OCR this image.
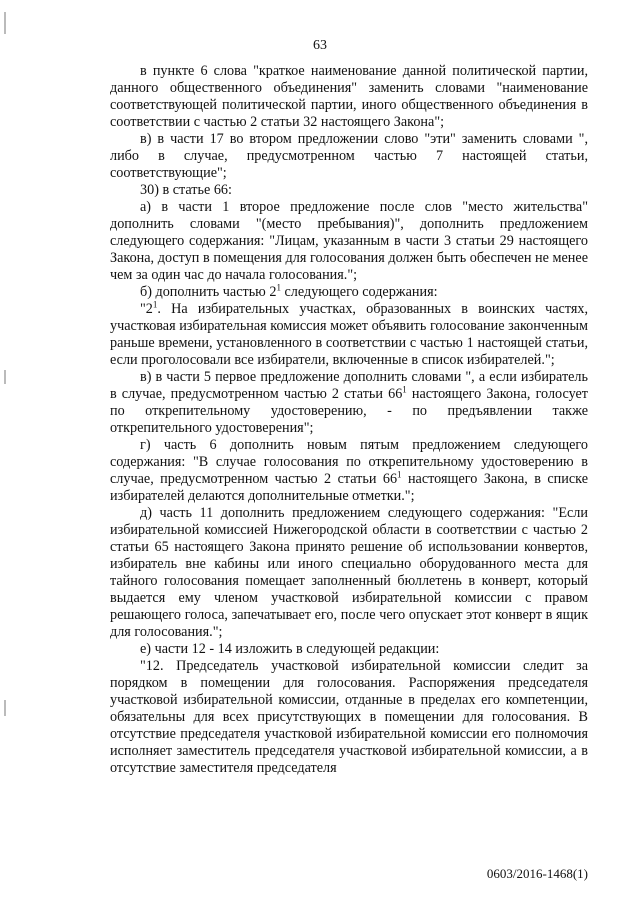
63

в пункте 6 слова "краткое наименование данной политической партии, данного общественного объединения" заменить словами "наименование соответствующей политической партии, иного общественного объединения в соответствии с частью 2 статьи 32 настоящего Закона";

в) в части 17 во втором предложении слово "эти" заменить словами ", либо в случае, предусмотренном частью 7 настоящей статьи, соответствующие";

30) в статье 66:

а) в части 1 второе предложение после слов "место жительства" дополнить словами "(место пребывания)", дополнить предложением следующего содержания: "Лицам, указанным в части 3 статьи 29 настоящего Закона, доступ в помещения для голосования должен быть обеспечен не менее чем за один час до начала голосования.";

б) дополнить частью $2^1$ следующего содержания:

"$2^1$. На избирательных участках, образованных в воинских частях, участковая избирательная комиссия может объявить голосование законченным раньше времени, установленного в соответствии с частью 1 настоящей статьи, если проголосовали все избиратели, включенные в список избирателей.";

в) в части 5 первое предложение дополнить словами ", а если избиратель в случае, предусмотренном частью 2 статьи $66^1$ настоящего Закона, голосует по открепительному удостоверению, - по предъявлении также открепительного удостоверения";

г) часть 6 дополнить новым пятым предложением следующего содержания: "В случае голосования по открепительному удостоверению в случае, предусмотренном частью 2 статьи $66^1$ настоящего Закона, в списке избирателей делаются дополнительные отметки.";

д) часть 11 дополнить предложением следующего содержания: "Если избирательной комиссией Нижегородской области в соответствии с частью 2 статьи 65 настоящего Закона принято решение об использовании конвертов, избиратель вне кабины или иного специально оборудованного места для тайного голосования помещает заполненный бюллетень в конверт, который выдается ему членом участковой избирательной комиссии с правом решающего голоса, запечатывает его, после чего опускает этот конверт в ящик для голосования.";

е) части 12 - 14 изложить в следующей редакции:

"12. Председатель участковой избирательной комиссии следит за порядком в помещении для голосования. Распоряжения председателя участковой избирательной комиссии, отданные в пределах его компетенции, обязательны для всех присутствующих в помещении для голосования. В отсутствие председателя участковой избирательной комиссии его полномочия исполняет заместитель председателя участковой избирательной комиссии, а в отсутствие заместителя председателя

0603/2016-1468(1)
